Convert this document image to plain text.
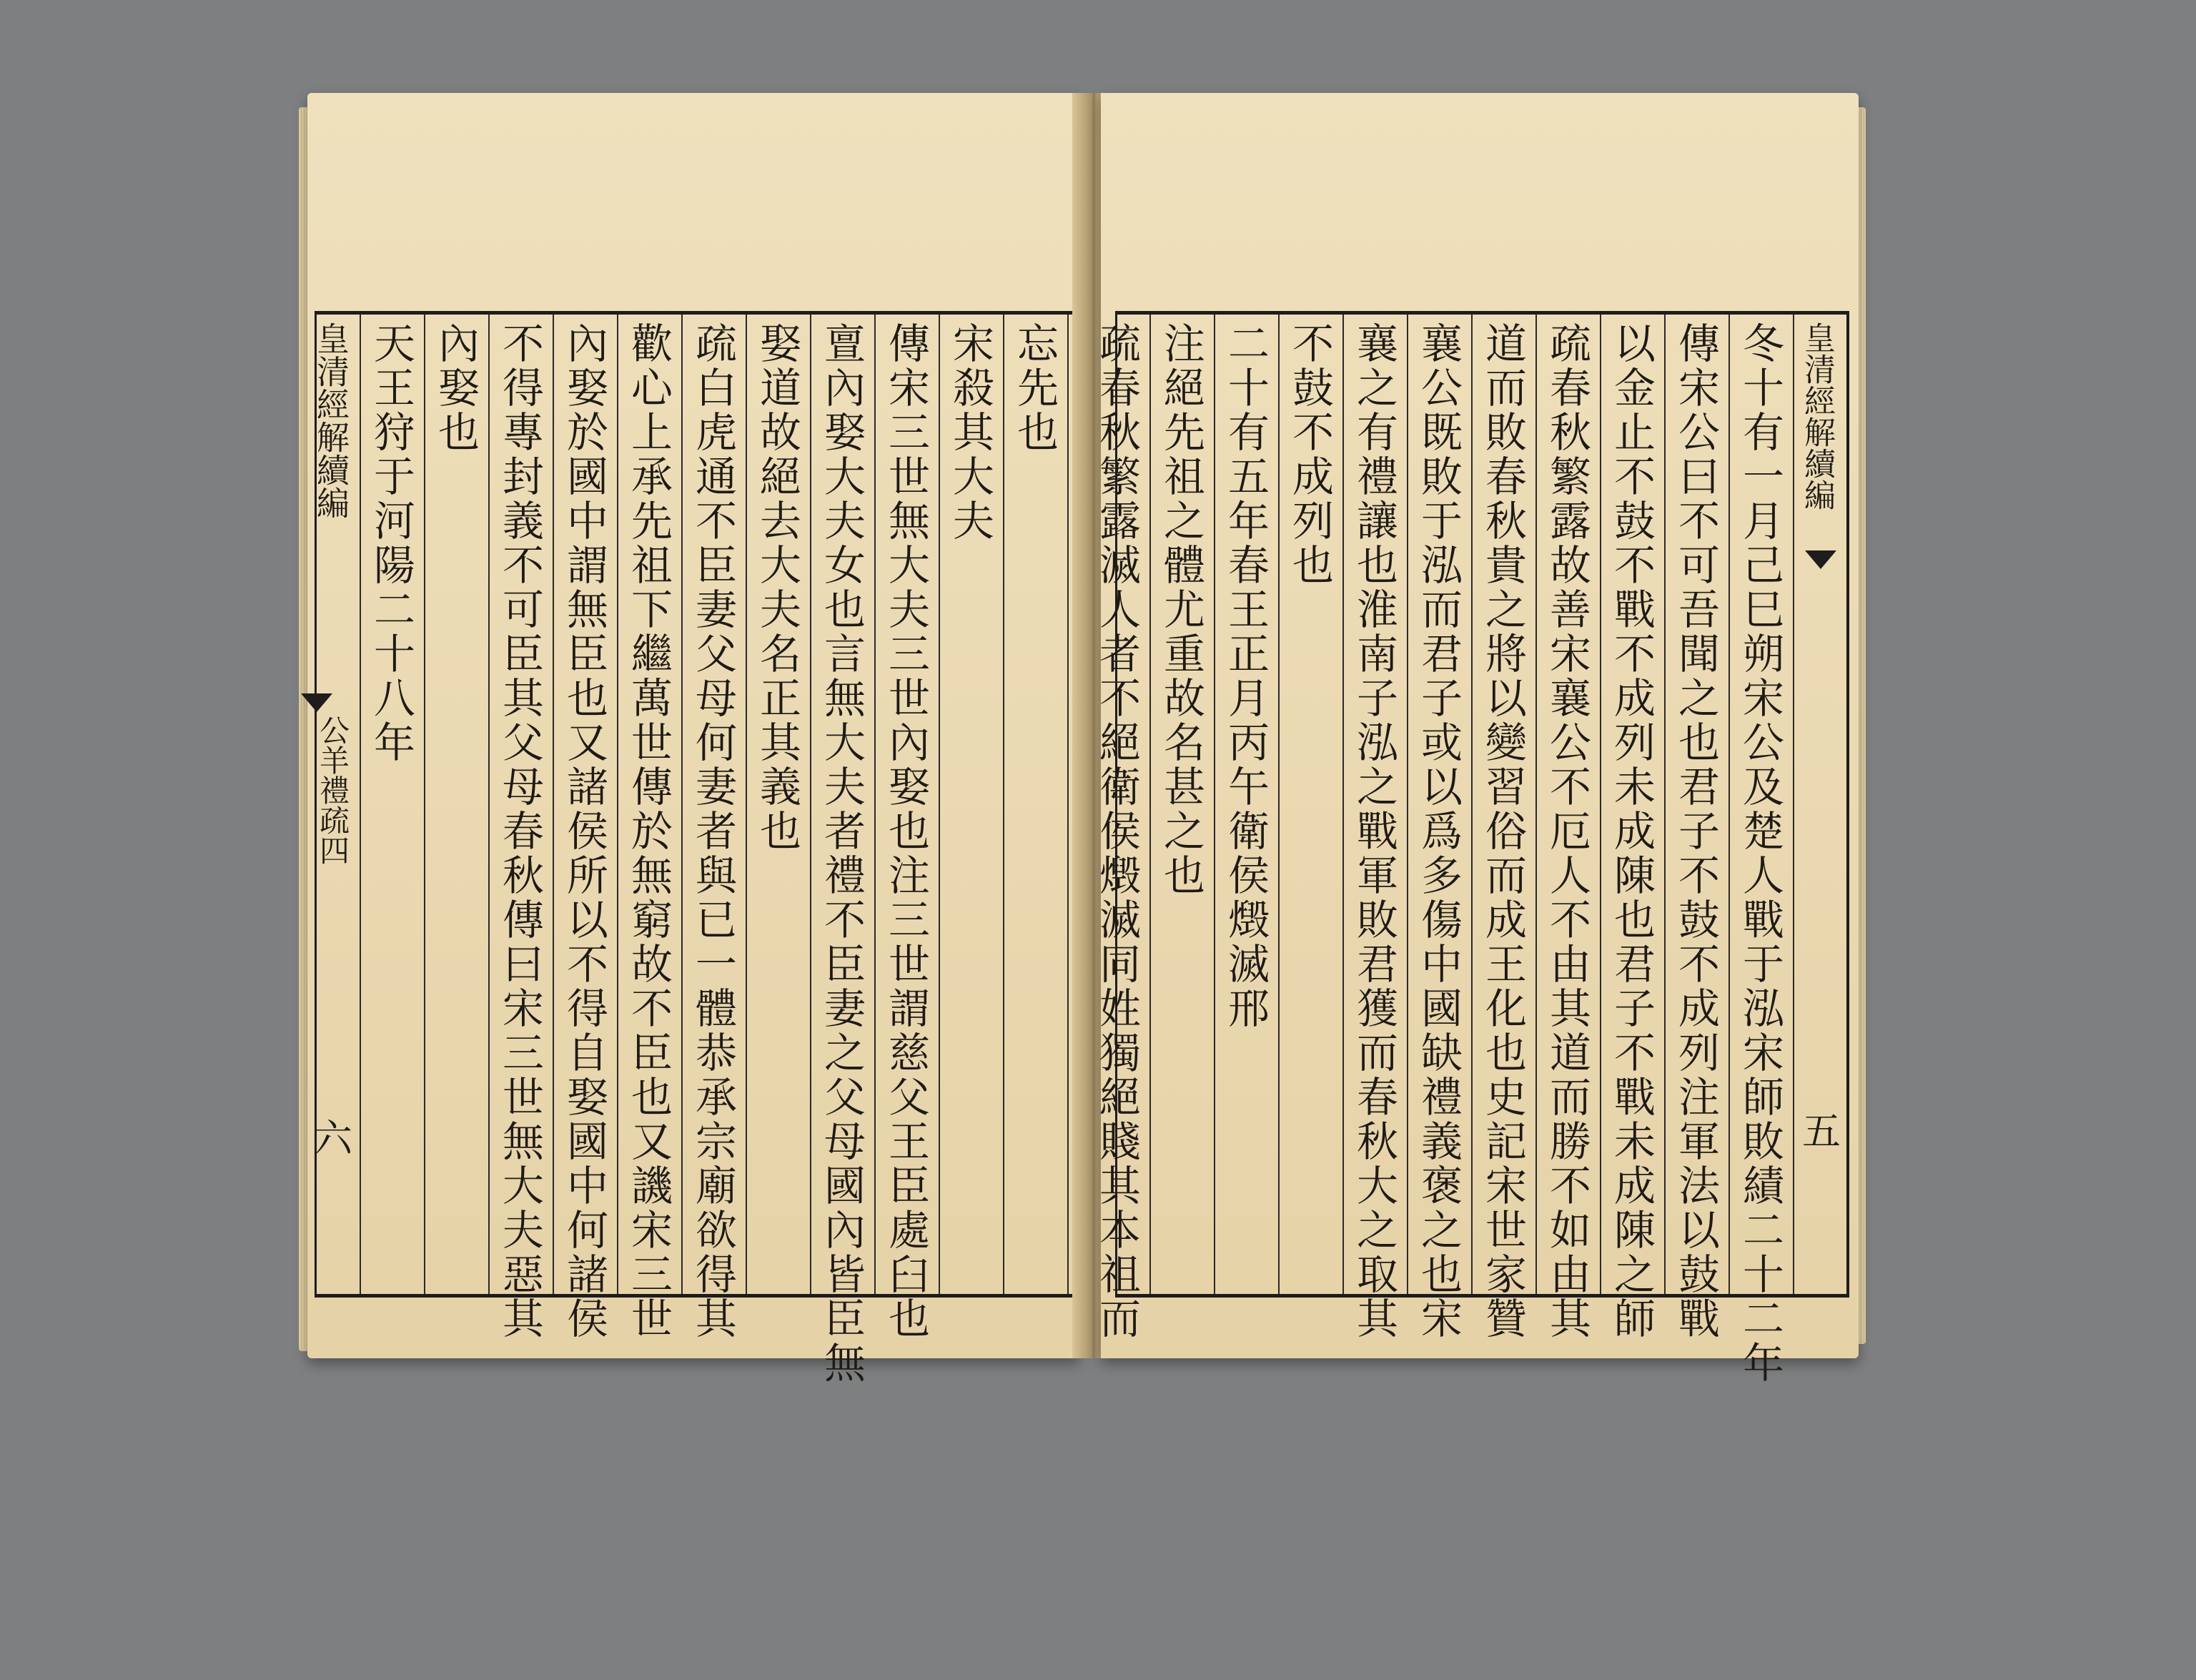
忘先也
宋殺其大夫
傳宋三世無大夫三世內娶也注三世謂慈父王臣處臼也
亶內娶大夫女也言無大夫者禮不臣妻之父母國內皆臣無
娶道故絕去大夫名正其義也
疏白虎通不臣妻父母何妻者與已一體恭承宗廟欲得其
歡心上承先祖下繼萬世傳於無窮故不臣也又譏宋三世
內娶於國中謂無臣也又諸侯所以不得自娶國中何諸侯
不得專封義不可臣其父母春秋傳曰宋三世無大夫惡其
內娶也
天王狩于河陽二十八年
皇清經解續編
公羊禮疏四
六	冬十有一月己巳朔宋公及楚人戰于泓宋師敗績二十二年
傳宋公曰不可吾聞之也君子不鼓不成列注軍法以鼓戰
以金止不鼓不戰不成列未成陳也君子不戰未成陳之師
疏春秋繁露故善宋襄公不厄人不由其道而勝不如由其
道而敗春秋貴之將以變習俗而成王化也史記宋世家贊
襄公既敗于泓而君子或以爲多傷中國缺禮義褒之也宋
襄之有禮讓也淮南子泓之戰軍敗君獲而春秋大之取其
不鼓不成列也
二十有五年春王正月丙午衛侯燬滅邢
注絕先祖之體尤重故名甚之也
疏春秋繁露滅人者不絕衛侯燬滅同姓獨絕賤其本祖而	皇清經解續編
五
